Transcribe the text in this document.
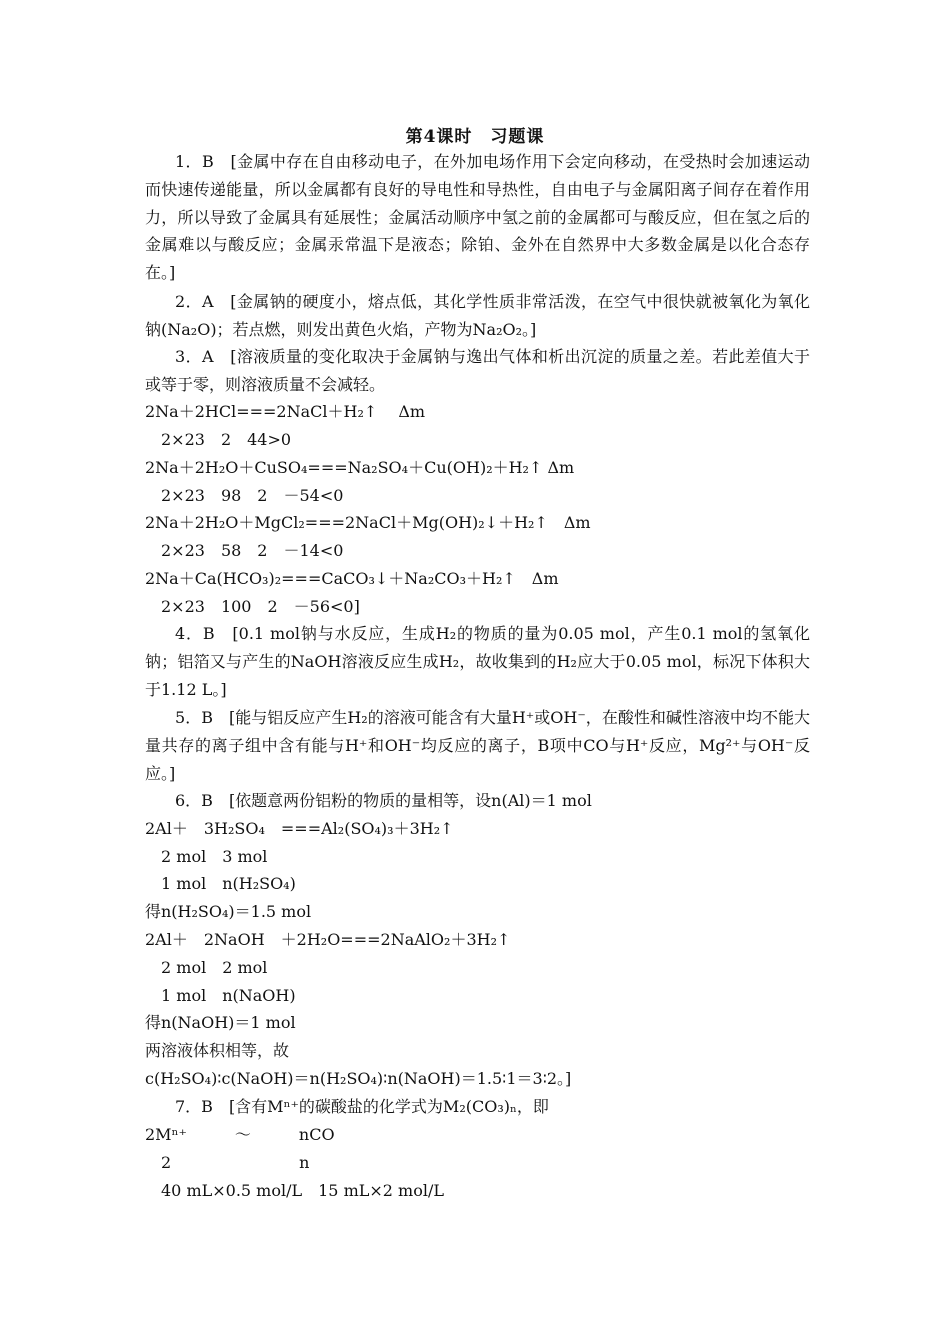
第4课时　习题课
1．B　[金属中存在自由移动电子，在外加电场作用下会定向移动，在受热时会加速运动而快速传递能量，所以金属都有良好的导电性和导热性，自由电子与金属阳离子间存在着作用力，所以导致了金属具有延展性；金属活动顺序中氢之前的金属都可与酸反应，但在氢之后的金属难以与酸反应；金属汞常温下是液态；除铂、金外在自然界中大多数金属是以化合态存在。]
2．A　[金属钠的硬度小，熔点低，其化学性质非常活泼，在空气中很快就被氧化为氧化钠(Na₂O)；若点燃，则发出黄色火焰，产物为Na₂O₂。]
3．A　[溶液质量的变化取决于金属钠与逸出气体和析出沉淀的质量之差。若此差值大于或等于零，则溶液质量不会减轻。
2Na＋2HCl===2NaCl＋H₂↑　 Δm
　2×23　2　44>0
2Na＋2H₂O＋CuSO₄===Na₂SO₄＋Cu(OH)₂＋H₂↑ Δm
　2×23　98　2　－54<0
2Na＋2H₂O＋MgCl₂===2NaCl＋Mg(OH)₂↓＋H₂↑　Δm
　2×23　58　2　－14<0
2Na＋Ca(HCO₃)₂===CaCO₃↓＋Na₂CO₃＋H₂↑　Δm
　2×23　100　2　－56<0]
4．B　[0.1 mol钠与水反应，生成H₂的物质的量为0.05 mol，产生0.1 mol的氢氧化钠；铝箔又与产生的NaOH溶液反应生成H₂，故收集到的H₂应大于0.05 mol，标况下体积大于1.12 L。]
5．B　[能与铝反应产生H₂的溶液可能含有大量H⁺或OH⁻，在酸性和碱性溶液中均不能大量共存的离子组中含有能与H⁺和OH⁻均反应的离子，B项中CO与H⁺反应，Mg²⁺与OH⁻反应。]
6．B　[依题意两份铝粉的物质的量相等，设n(Al)＝1 mol
2Al＋　3H₂SO₄　===Al₂(SO₄)₃＋3H₂↑
　2 mol　3 mol
　1 mol　n(H₂SO₄)
得n(H₂SO₄)＝1.5 mol
2Al＋　2NaOH　＋2H₂O===2NaAlO₂＋3H₂↑
　2 mol　2 mol
　1 mol　n(NaOH)
得n(NaOH)＝1 mol
两溶液体积相等，故
c(H₂SO₄)∶c(NaOH)＝n(H₂SO₄)∶n(NaOH)＝1.5∶1＝3∶2。]
7．B　[含有Mⁿ⁺的碳酸盐的化学式为M₂(CO₃)ₙ，即
2Mⁿ⁺　　　～　　　nCO
　2　　　　　　　　n
　40 mL×0.5 mol/L　15 mL×2 mol/L
